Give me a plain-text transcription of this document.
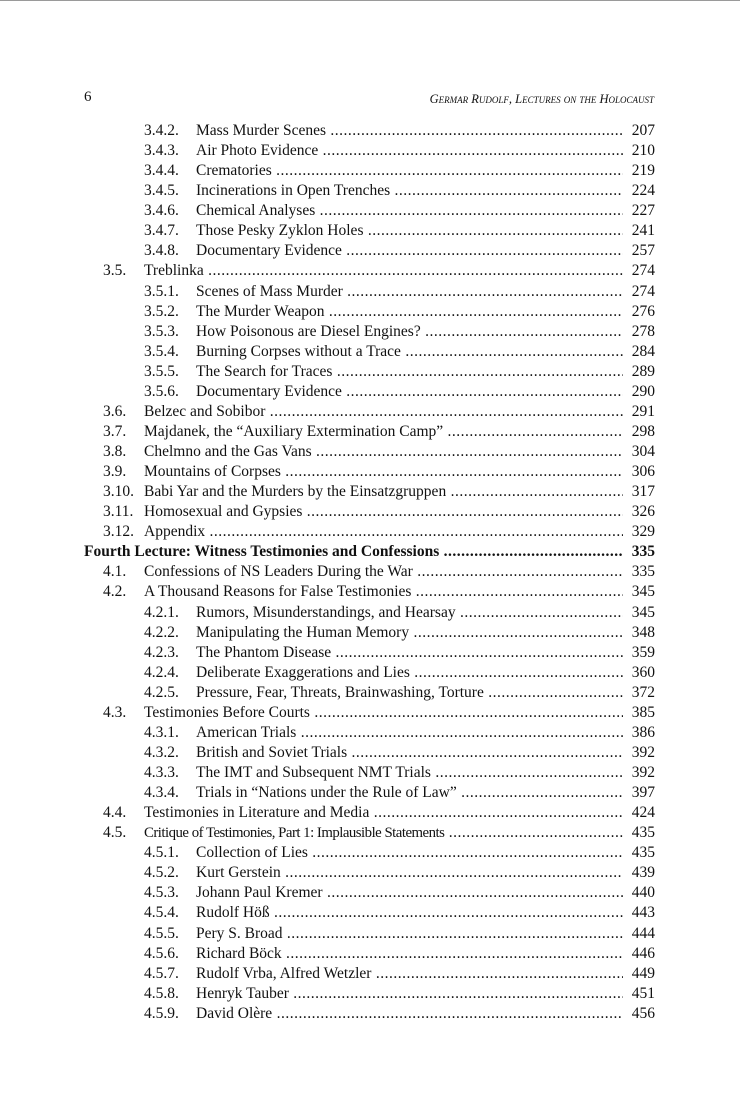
6	Germar Rudolf, Lectures on the Holocaust
3.4.2. Mass Murder Scenes .....	207
3.4.3. Air Photo Evidence .....	210
3.4.4. Crematories .....	219
3.4.5. Incinerations in Open Trenches .....	224
3.4.6. Chemical Analyses .....	227
3.4.7. Those Pesky Zyklon Holes .....	241
3.4.8. Documentary Evidence .....	257
3.5. Treblinka .....	274
3.5.1. Scenes of Mass Murder .....	274
3.5.2. The Murder Weapon .....	276
3.5.3. How Poisonous are Diesel Engines? .....	278
3.5.4. Burning Corpses without a Trace .....	284
3.5.5. The Search for Traces .....	289
3.5.6. Documentary Evidence .....	290
3.6. Belzec and Sobibor .....	291
3.7. Majdanek, the “Auxiliary Extermination Camp” .....	298
3.8. Chelmno and the Gas Vans .....	304
3.9. Mountains of Corpses .....	306
3.10. Babi Yar and the Murders by the Einsatzgruppen .....	317
3.11. Homosexual and Gypsies .....	326
3.12. Appendix .....	329
Fourth Lecture: Witness Testimonies and Confessions .....	335
4.1. Confessions of NS Leaders During the War .....	335
4.2. A Thousand Reasons for False Testimonies .....	345
4.2.1. Rumors, Misunderstandings, and Hearsay .....	345
4.2.2. Manipulating the Human Memory .....	348
4.2.3. The Phantom Disease .....	359
4.2.4. Deliberate Exaggerations and Lies .....	360
4.2.5. Pressure, Fear, Threats, Brainwashing, Torture .....	372
4.3. Testimonies Before Courts .....	385
4.3.1. American Trials .....	386
4.3.2. British and Soviet Trials .....	392
4.3.3. The IMT and Subsequent NMT Trials .....	392
4.3.4. Trials in “Nations under the Rule of Law” .....	397
4.4. Testimonies in Literature and Media .....	424
4.5. Critique of Testimonies, Part 1: Implausible Statements .....	435
4.5.1. Collection of Lies .....	435
4.5.2. Kurt Gerstein .....	439
4.5.3. Johann Paul Kremer .....	440
4.5.4. Rudolf Höß .....	443
4.5.5. Pery S. Broad .....	444
4.5.6. Richard Böck .....	446
4.5.7. Rudolf Vrba, Alfred Wetzler .....	449
4.5.8. Henryk Tauber .....	451
4.5.9. David Olère .....	456
